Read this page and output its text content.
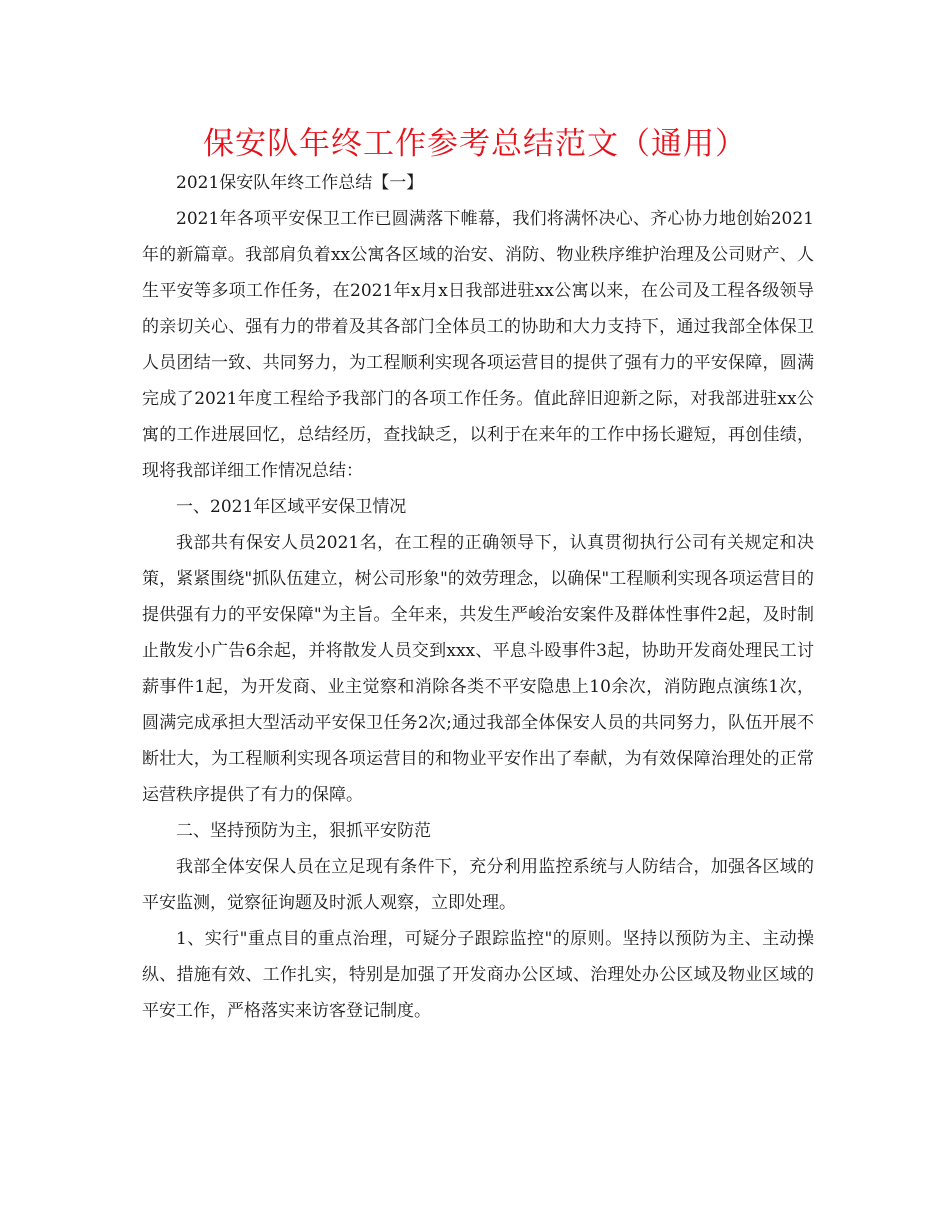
保安队年终工作参考总结范文（通用）

2021保安队年终工作总结【一】

2021年各项平安保卫工作已圆满落下帷幕，我们将满怀决心、齐心协力地创始2021年的新篇章。我部肩负着xx公寓各区域的治安、消防、物业秩序维护治理及公司财产、人生平安等多项工作任务，在2021年x月x日我部进驻xx公寓以来，在公司及工程各级领导的亲切关心、强有力的带着及其各部门全体员工的协助和大力支持下，通过我部全体保卫人员团结一致、共同努力，为工程顺利实现各项运营目的提供了强有力的平安保障，圆满完成了2021年度工程给予我部门的各项工作任务。值此辞旧迎新之际，对我部进驻xx公寓的工作进展回忆，总结经历，查找缺乏，以利于在来年的工作中扬长避短，再创佳绩，现将我部详细工作情况总结：

一、2021年区域平安保卫情况

我部共有保安人员2021名，在工程的正确领导下，认真贯彻执行公司有关规定和决策，紧紧围绕"抓队伍建立，树公司形象"的效劳理念，以确保"工程顺利实现各项运营目的提供强有力的平安保障"为主旨。全年来，共发生严峻治安案件及群体性事件2起，及时制止散发小广告6余起，并将散发人员交到xxx、平息斗殴事件3起，协助开发商处理民工讨薪事件1起，为开发商、业主觉察和消除各类不平安隐患上10余次，消防跑点演练1次，圆满完成承担大型活动平安保卫任务2次;通过我部全体保安人员的共同努力，队伍开展不断壮大，为工程顺利实现各项运营目的和物业平安作出了奉献，为有效保障治理处的正常运营秩序提供了有力的保障。

二、坚持预防为主，狠抓平安防范

我部全体安保人员在立足现有条件下，充分利用监控系统与人防结合，加强各区域的平安监测，觉察征询题及时派人观察，立即处理。

1、实行"重点目的重点治理，可疑分子跟踪监控"的原则。坚持以预防为主、主动操纵、措施有效、工作扎实，特别是加强了开发商办公区域、治理处办公区域及物业区域的平安工作，严格落实来访客登记制度。
